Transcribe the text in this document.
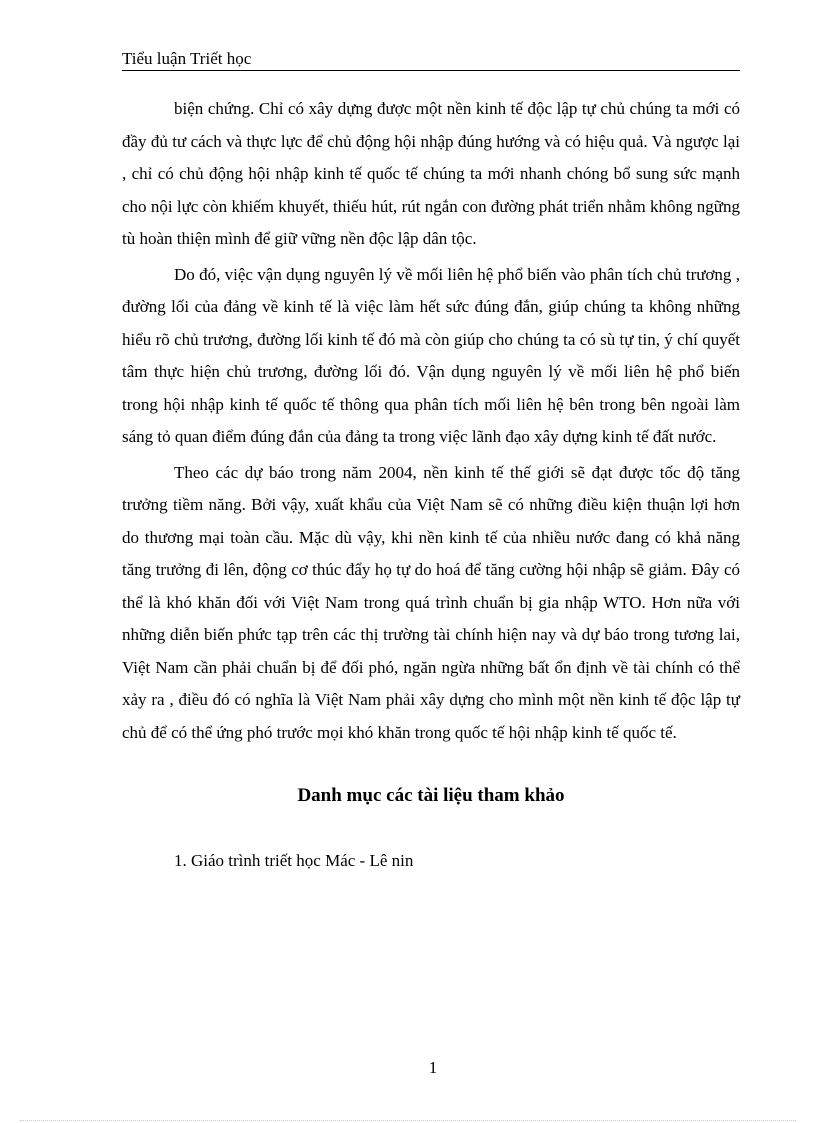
Tiểu luận Triết học

biện chứng. Chỉ có xây dựng được một nền kinh tế độc lập tự chủ chúng ta mới có đầy đủ tư cách và thực lực để chủ động hội nhập đúng hướng và có hiệu quả. Và ngược lại , chỉ có chủ động hội nhập kinh tế quốc tế chúng ta mới nhanh chóng bổ sung sức mạnh cho nội lực còn khiếm khuyết, thiếu hút, rút ngắn con đường phát triển nhằm không ngững tù hoàn thiện mình để giữ vững nền độc lập dân tộc.

Do đó, việc vận dụng nguyên lý về mối liên hệ phổ biến vào phân tích chủ trương , đường lối của đảng về kinh tế là việc làm hết sức đúng đắn, giúp chúng ta không những hiểu rõ chủ trương, đường lối kinh tế đó mà còn giúp cho chúng ta có sù tự tin, ý chí quyết tâm thực hiện chủ trương, đường lối đó. Vận dụng nguyên lý về mối liên hệ phổ biến trong hội nhập kinh tế quốc tế thông qua phân tích mối liên hệ bên trong bên ngoài làm sáng tỏ quan điểm đúng đắn của đảng ta trong việc lãnh đạo xây dựng kinh tế đất nước.

Theo các dự báo trong năm 2004, nền kinh tế thế giới sẽ đạt được tốc độ tăng trưởng tiềm năng. Bởi vậy, xuất khẩu của Việt Nam sẽ có những điều kiện thuận lợi hơn do thương mại toàn cầu. Mặc dù vậy, khi nền kinh tế của nhiều nước đang có khả năng tăng trưởng đi lên, động cơ thúc đẩy họ tự do hoá để tăng cường hội nhập sẽ giảm. Đây có thể là khó khăn đối với Việt Nam trong quá trình chuẩn bị gia nhập WTO. Hơn nữa với những diễn biến phức tạp trên các thị trường tài chính hiện nay và dự báo trong tương lai, Việt Nam cần phải chuẩn bị để đối phó, ngăn ngừa những bất ổn định về tài chính có thể xảy ra , điều đó có nghĩa là Việt Nam phải xây dựng cho mình một nền kinh tế độc lập tự chủ để có thể ứng phó trước mọi khó khăn trong quốc tế hội nhập kinh tế quốc tế.

Danh mục các tài liệu tham khảo
1. Giáo trình triết học Mác - Lê nin
1
